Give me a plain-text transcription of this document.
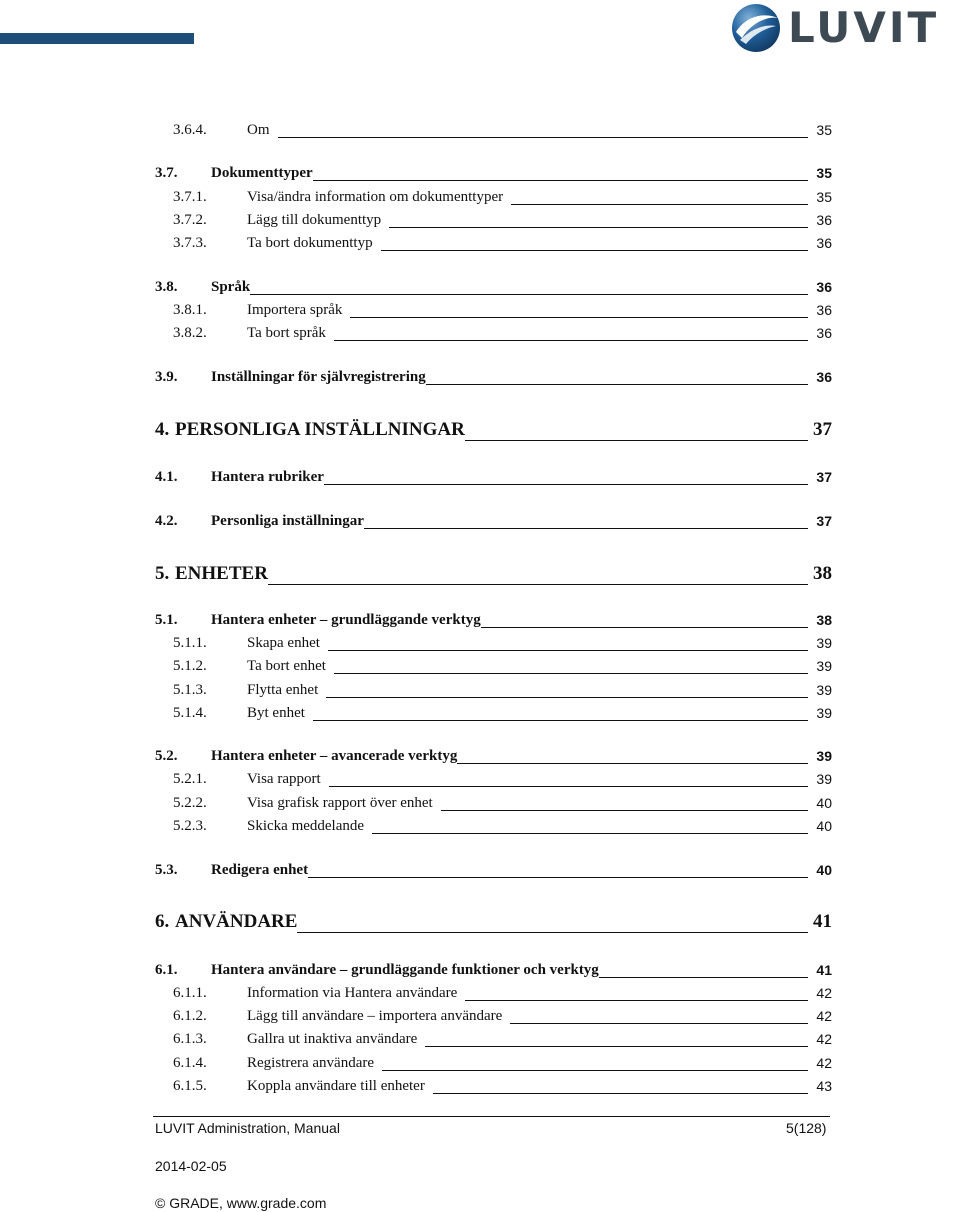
LUVIT
3.6.4.	Om	35
3.7. Dokumenttyper	35
3.7.1.	Visa/ändra information om dokumenttyper	35
3.7.2.	Lägg till dokumenttyp	36
3.7.3.	Ta bort dokumenttyp	36
3.8. Språk	36
3.8.1.	Importera språk	36
3.8.2.	Ta bort språk	36
3.9. Inställningar för självregistrering	36
4. PERSONLIGA INSTÄLLNINGAR	37
4.1. Hantera rubriker	37
4.2. Personliga inställningar	37
5. ENHETER	38
5.1. Hantera enheter – grundläggande verktyg	38
5.1.1.	Skapa enhet	39
5.1.2.	Ta bort enhet	39
5.1.3.	Flytta enhet	39
5.1.4.	Byt enhet	39
5.2. Hantera enheter – avancerade verktyg	39
5.2.1.	Visa rapport	39
5.2.2.	Visa grafisk rapport över enhet	40
5.2.3.	Skicka meddelande	40
5.3. Redigera enhet	40
6. ANVÄNDARE	41
6.1. Hantera användare – grundläggande funktioner och verktyg	41
6.1.1.	Information via Hantera användare	42
6.1.2.	Lägg till användare – importera användare	42
6.1.3.	Gallra ut inaktiva användare	42
6.1.4.	Registrera användare	42
6.1.5.	Koppla användare till enheter	43
LUVIT Administration, Manual	5(128)
2014-02-05
© GRADE, www.grade.com
